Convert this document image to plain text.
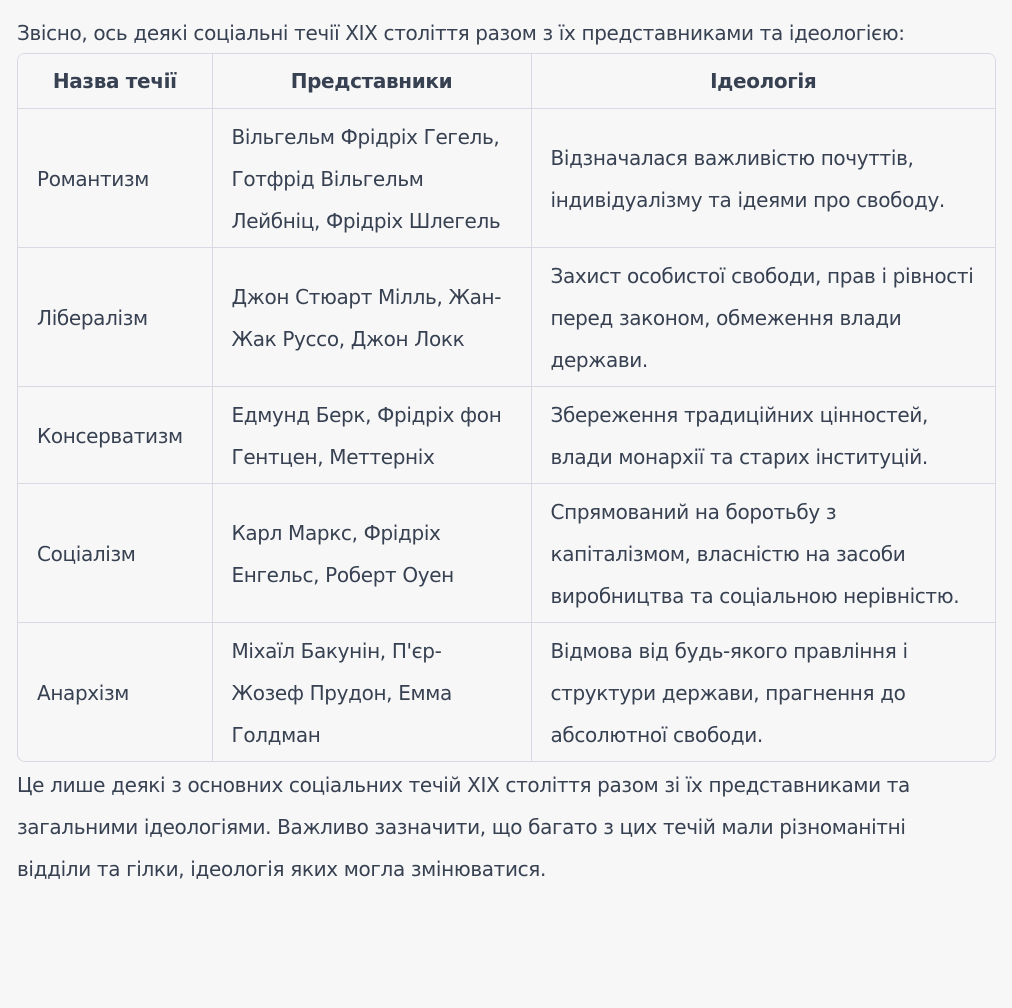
Звісно, ось деякі соціальні течії XIX століття разом з їх представниками та ідеологією:

Назва течії	Представники	Ідеологія
Романтизм	Вільгельм Фрідріх Гегель, Готфрід Вільгельм Лейбніц, Фрідріх Шлегель	Відзначалася важливістю почуттів, індивідуалізму та ідеями про свободу.
Лібералізм	Джон Стюарт Мілль, Жан-Жак Руссо, Джон Локк	Захист особистої свободи, прав і рівності перед законом, обмеження влади держави.
Консерватизм	Едмунд Берк, Фрідріх фон Гентцен, Меттерніх	Збереження традиційних цінностей, влади монархії та старих інституцій.
Соціалізм	Карл Маркс, Фрідріх Енгельс, Роберт Оуен	Спрямований на боротьбу з капіталізмом, власністю на засоби виробництва та соціальною нерівністю.
Анархізм	Міхаїл Бакунін, П'єр-Жозеф Прудон, Емма Голдман	Відмова від будь-якого правління і структури держави, прагнення до абсолютної свободи.

Це лише деякі з основних соціальних течій XIX століття разом зі їх представниками та загальними ідеологіями. Важливо зазначити, що багато з цих течій мали різноманітні відділи та гілки, ідеологія яких могла змінюватися.
